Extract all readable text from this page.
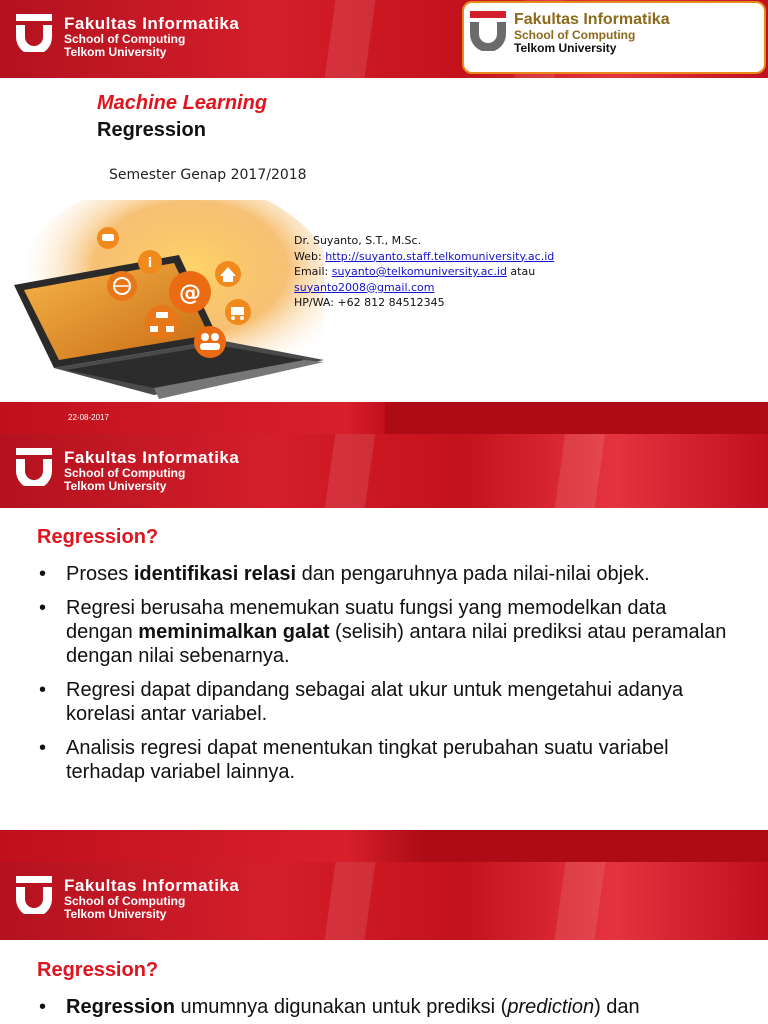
Fakultas Informatika
School of Computing
Telkom University
Fakultas Informatika
School of Computing
Telkom University
Machine Learning
Regression
Semester Genap 2017/2018
i
@
Dr. Suyanto, S.T., M.Sc.
Web: http://suyanto.staff.telkomuniversity.ac.id
Email: suyanto@telkomuniversity.ac.id atau
suyanto2008@gmail.com
HP/WA: +62 812 84512345
22-08-2017
Fakultas Informatika
School of Computing
Telkom University
Regression?
• Proses identifikasi relasi dan pengaruhnya pada nilai-nilai objek.
• Regresi berusaha menemukan suatu fungsi yang memodelkan data dengan meminimalkan galat (selisih) antara nilai prediksi atau peramalan dengan nilai sebenarnya.
• Regresi dapat dipandang sebagai alat ukur untuk mengetahui adanya korelasi antar variabel.
• Analisis regresi dapat menentukan tingkat perubahan suatu variabel terhadap variabel lainnya.
Fakultas Informatika
School of Computing
Telkom University
Regression?
• Regression umumnya digunakan untuk prediksi (prediction) dan
